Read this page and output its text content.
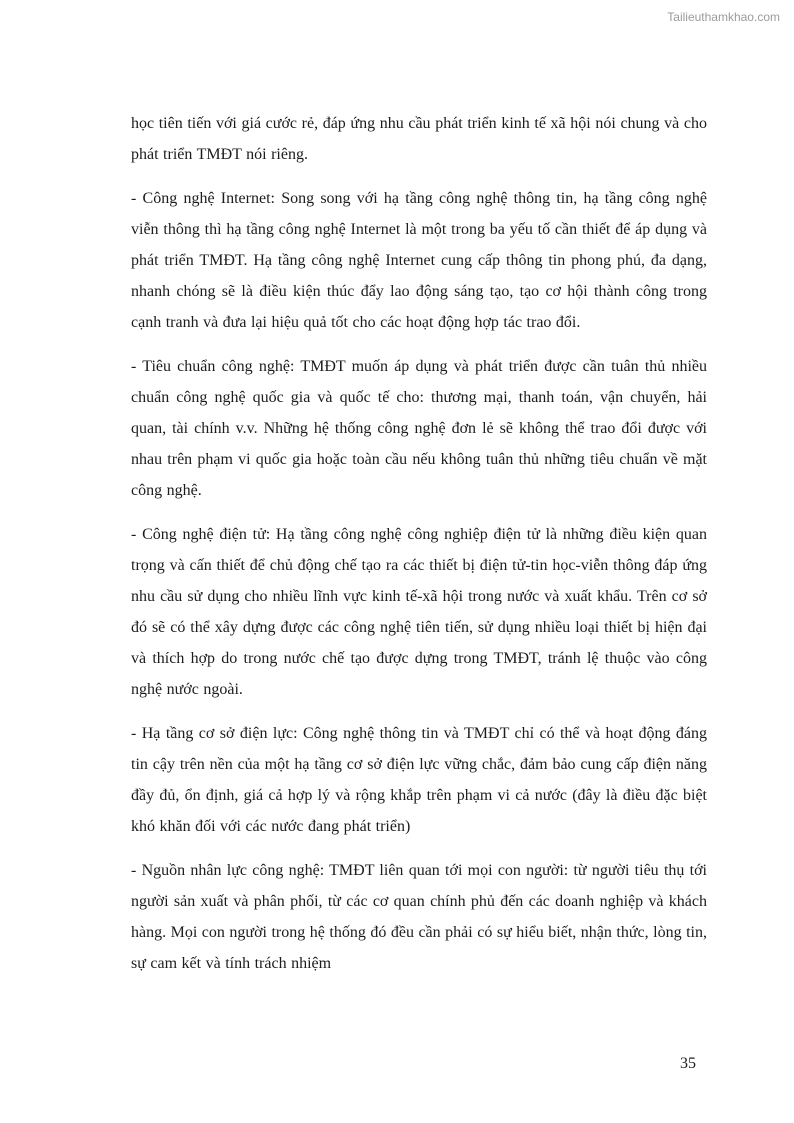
Tailieuthamkhao.com

học tiên tiến với giá cước rẻ, đáp ứng nhu cầu phát triển kinh tế xã hội nói chung và cho phát triển TMĐT nói riêng.

- Công nghệ Internet: Song song với hạ tầng công nghệ thông tin, hạ tầng công nghệ viễn thông thì hạ tầng công nghệ Internet là một trong ba yếu tố cần thiết để áp dụng và phát triển TMĐT. Hạ tầng công nghệ Internet cung cấp thông tin phong phú, đa dạng, nhanh chóng sẽ là điều kiện thúc đẩy lao động sáng tạo, tạo cơ hội thành công trong cạnh tranh và đưa lại hiệu quả tốt cho các hoạt động hợp tác trao đổi.

- Tiêu chuẩn công nghệ: TMĐT muốn áp dụng và phát triển được cần tuân thủ nhiều chuẩn công nghệ quốc gia và quốc tế cho: thương mại, thanh toán, vận chuyển, hải quan, tài chính v.v. Những hệ thống công nghệ đơn lẻ sẽ không thể trao đổi được với nhau trên phạm vi quốc gia hoặc toàn cầu nếu không tuân thủ những tiêu chuẩn về mặt công nghệ.

- Công nghệ điện tử: Hạ tầng công nghệ công nghiệp điện tử là những điều kiện quan trọng và cấn thiết để chủ động chế tạo ra các thiết bị điện tử-tin học-viễn thông đáp ứng nhu cầu sử dụng cho nhiều lĩnh vực kinh tế-xã hội trong nước và xuất khẩu. Trên cơ sở đó sẽ có thể xây dựng được các công nghệ tiên tiến, sử dụng nhiều loại thiết bị hiện đại và thích hợp do trong nước chế tạo được dựng trong TMĐT, tránh lệ thuộc vào công nghệ nước ngoài.

- Hạ tầng cơ sở điện lực: Công nghệ thông tin và TMĐT chỉ có thể và hoạt động đáng tin cậy trên nền của một hạ tầng cơ sở điện lực vững chắc, đảm bảo cung cấp điện năng đầy đủ, ổn định, giá cả hợp lý và rộng khắp trên phạm vi cả nước (đây là điều đặc biệt khó khăn đối với các nước đang phát triển)

- Nguồn nhân lực công nghệ: TMĐT liên quan tới mọi con người: từ người tiêu thụ tới người sản xuất và phân phối, từ các cơ quan chính phủ đến các doanh nghiệp và khách hàng. Mọi con người trong hệ thống đó đều cần phải có sự hiểu biết, nhận thức, lòng tin, sự cam kết và tính trách nhiệm

35
